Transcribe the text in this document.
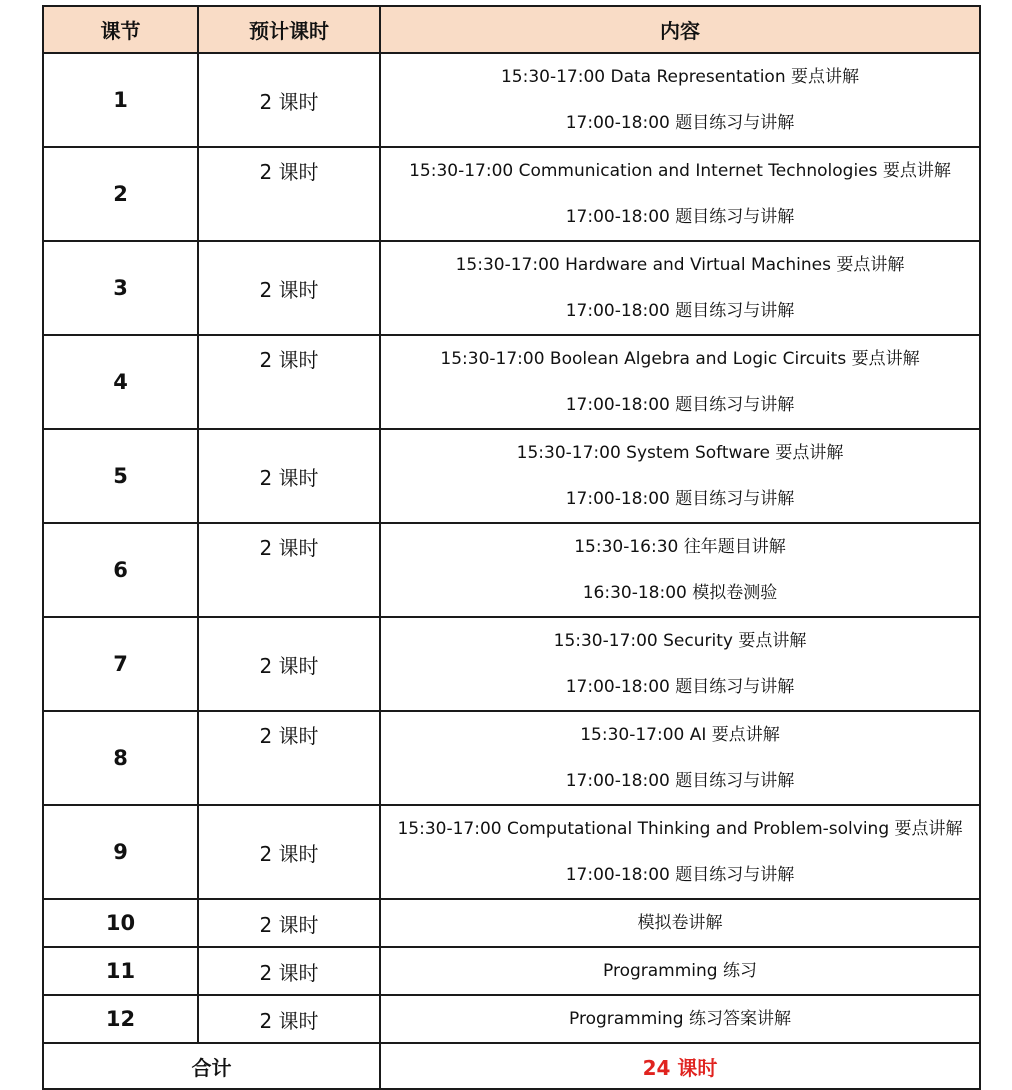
课节	预计课时	内容
1	2 课时	15:30-17:00 Data Representation 要点讲解
17:00-18:00 题目练习与讲解

2	2 课时	15:30-17:00 Communication and Internet Technologies 要点讲解
17:00-18:00 题目练习与讲解

3	2 课时	15:30-17:00 Hardware and Virtual Machines 要点讲解
17:00-18:00 题目练习与讲解

4	2 课时	15:30-17:00 Boolean Algebra and Logic Circuits 要点讲解
17:00-18:00 题目练习与讲解

5	2 课时	15:30-17:00 System Software 要点讲解
17:00-18:00 题目练习与讲解

6	2 课时	15:30-16:30 往年题目讲解
16:30-18:00 模拟卷测验

7	2 课时	15:30-17:00 Security 要点讲解
17:00-18:00 题目练习与讲解

8	2 课时	15:30-17:00 AI 要点讲解
17:00-18:00 题目练习与讲解

9	2 课时	15:30-17:00 Computational Thinking and Problem-solving 要点讲解
17:00-18:00 题目练习与讲解

10	2 课时	模拟卷讲解

11	2 课时	Programming 练习

12	2 课时	Programming 练习答案讲解

合计		24 课时
